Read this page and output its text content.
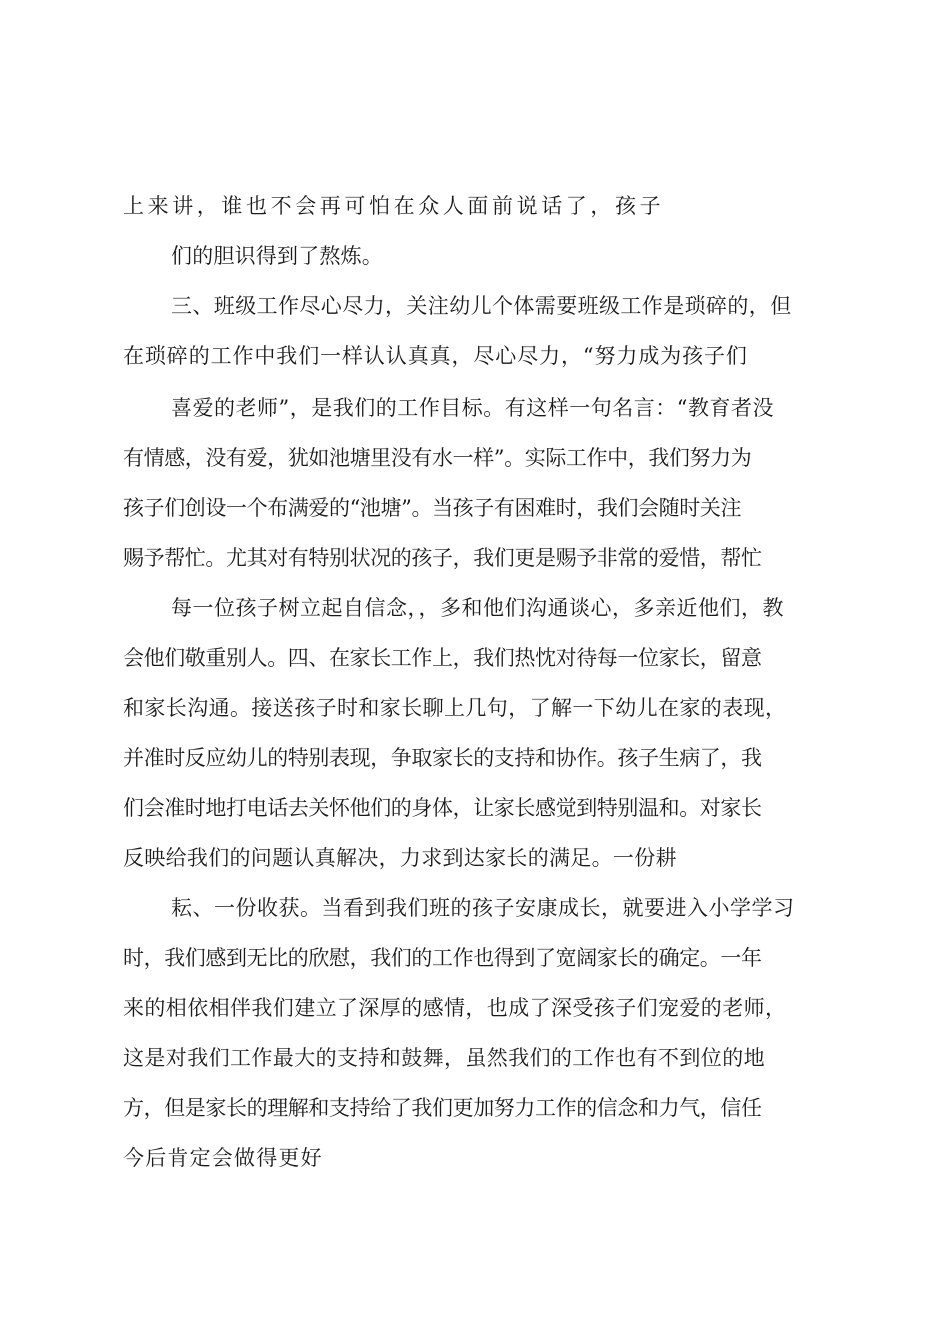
上来讲，谁也不会再可怕在众人面前说话了，孩子

们的胆识得到了熬炼。

三、班级工作尽心尽力，关注幼儿个体需要班级工作是琐碎的，但

在琐碎的工作中我们一样认认真真，尽心尽力，“努力成为孩子们

喜爱的老师”，是我们的工作目标。有这样一句名言：“教育者没

有情感，没有爱，犹如池塘里没有水一样”。实际工作中，我们努力为

孩子们创设一个布满爱的“池塘”。当孩子有困难时，我们会随时关注

赐予帮忙。尤其对有特别状况的孩子，我们更是赐予非常的爱惜，帮忙

每一位孩子树立起自信念，，多和他们沟通谈心，多亲近他们，教

会他们敬重别人。四、在家长工作上，我们热忱对待每一位家长，留意

和家长沟通。接送孩子时和家长聊上几句，了解一下幼儿在家的表现，

并准时反应幼儿的特别表现，争取家长的支持和协作。孩子生病了，我

们会准时地打电话去关怀他们的身体，让家长感觉到特别温和。对家长

反映给我们的问题认真解决，力求到达家长的满足。一份耕

耘、一份收获。当看到我们班的孩子安康成长，就要进入小学学习

时，我们感到无比的欣慰，我们的工作也得到了宽阔家长的确定。一年

来的相依相伴我们建立了深厚的感情，也成了深受孩子们宠爱的老师，

这是对我们工作最大的支持和鼓舞，虽然我们的工作也有不到位的地

方，但是家长的理解和支持给了我们更加努力工作的信念和力气，信任

今后肯定会做得更好
